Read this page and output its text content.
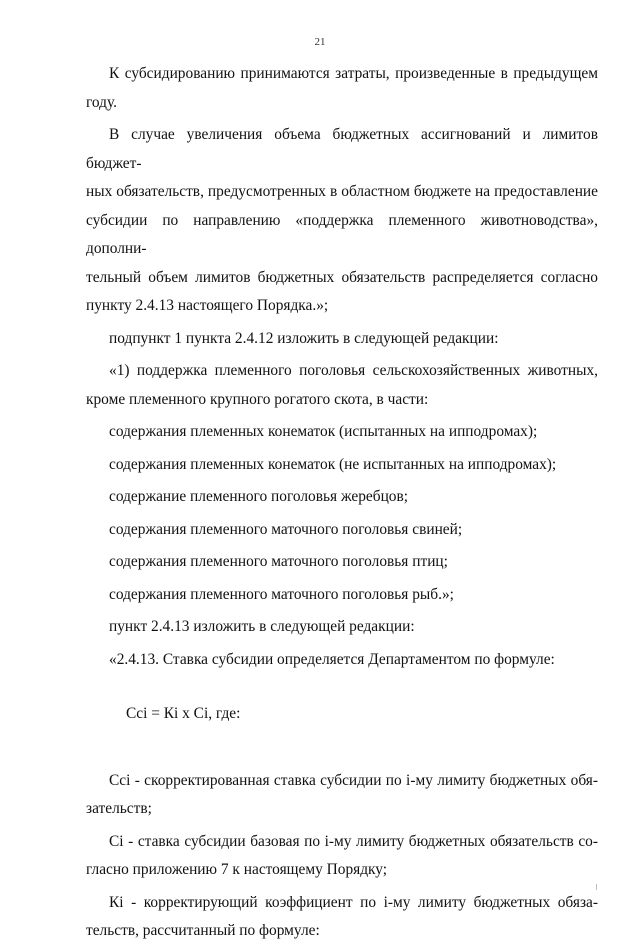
21

К субсидированию принимаются затраты, произведенные в предыдущем
году.

В случае увеличения объема бюджетных ассигнований и лимитов бюджет-
ных обязательств, предусмотренных в областном бюджете на предоставление
субсидии по направлению «поддержка племенного животноводства», дополни-
тельный объем лимитов бюджетных обязательств распределяется согласно
пункту 2.4.13 настоящего Порядка.»;

подпункт 1 пункта 2.4.12 изложить в следующей редакции:

«1) поддержка племенного поголовья сельскохозяйственных животных,
кроме племенного крупного рогатого скота, в части:

содержания племенных конематок (испытанных на ипподромах);

содержания племенных конематок (не испытанных на ипподромах);

содержание племенного поголовья жеребцов;

содержания племенного маточного поголовья свиней;

содержания племенного маточного поголовья птиц;

содержания племенного маточного поголовья рыб.»;

пункт 2.4.13 изложить в следующей редакции:

«2.4.13. Ставка субсидии определяется Департаментом по формуле:

Ccі = Кі х Сі, где:

Ccі - скорректированная ставка субсидии по і-му лимиту бюджетных обя-
зательств;

Сі - ставка субсидии базовая по і-му лимиту бюджетных обязательств со-
гласно приложению 7 к настоящему Порядку;

Кі - корректирующий коэффициент по і-му лимиту бюджетных обяза-
тельств, рассчитанный по формуле:
